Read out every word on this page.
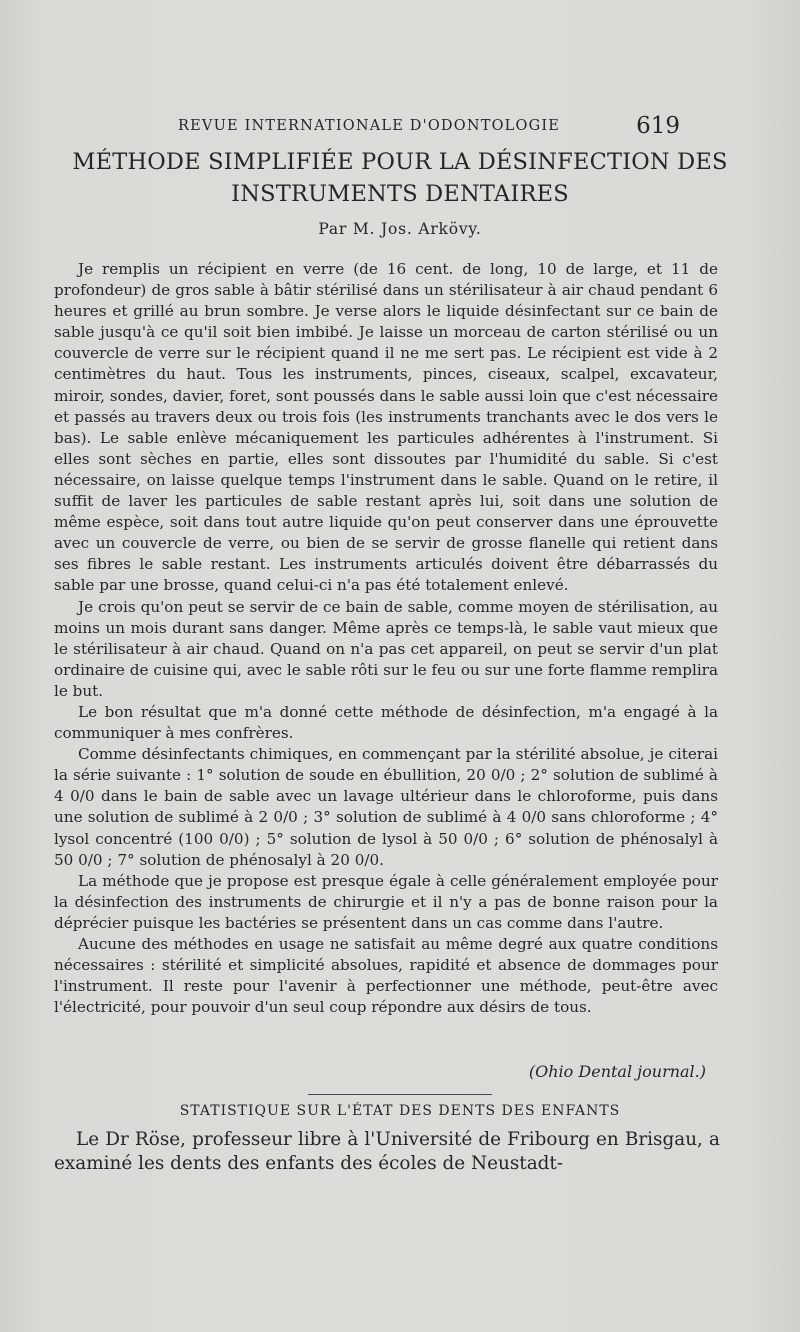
REVUE INTERNATIONALE D'ODONTOLOGIE	619
MÉTHODE SIMPLIFIÉE POUR LA DÉSINFECTION DES INSTRUMENTS DENTAIRES

Par M. Jos. Arkövy.

Je remplis un récipient en verre (de 16 cent. de long, 10 de large, et 11 de profondeur) de gros sable à bâtir stérilisé dans un stérilisateur à air chaud pendant 6 heures et grillé au brun sombre. Je verse alors le liquide désinfectant sur ce bain de sable jusqu'à ce qu'il soit bien imbibé. Je laisse un morceau de carton stérilisé ou un couvercle de verre sur le récipient quand il ne me sert pas. Le récipient est vide à 2 centimètres du haut. Tous les instruments, pinces, ciseaux, scalpel, excavateur, miroir, sondes, davier, foret, sont poussés dans le sable aussi loin que c'est nécessaire et passés au travers deux ou trois fois (les instruments tranchants avec le dos vers le bas). Le sable enlève mécaniquement les particules adhérentes à l'instrument. Si elles sont sèches en partie, elles sont dissoutes par l'humidité du sable. Si c'est nécessaire, on laisse quelque temps l'instrument dans le sable. Quand on le retire, il suffit de laver les particules de sable restant après lui, soit dans une solution de même espèce, soit dans tout autre liquide qu'on peut conserver dans une éprouvette avec un couvercle de verre, ou bien de se servir de grosse flanelle qui retient dans ses fibres le sable restant. Les instruments articulés doivent être débarrassés du sable par une brosse, quand celui-ci n'a pas été totalement enlevé.

Je crois qu'on peut se servir de ce bain de sable, comme moyen de stérilisation, au moins un mois durant sans danger. Même après ce temps-là, le sable vaut mieux que le stérilisateur à air chaud. Quand on n'a pas cet appareil, on peut se servir d'un plat ordinaire de cuisine qui, avec le sable rôti sur le feu ou sur une forte flamme remplira le but.

Le bon résultat que m'a donné cette méthode de désinfection, m'a engagé à la communiquer à mes confrères.

Comme désinfectants chimiques, en commençant par la stérilité absolue, je citerai la série suivante : 1° solution de soude en ébullition, 20 0/0 ; 2° solution de sublimé à 4 0/0 dans le bain de sable avec un lavage ultérieur dans le chloroforme, puis dans une solution de sublimé à 2 0/0 ; 3° solution de sublimé à 4 0/0 sans chloroforme ; 4° lysol concentré (100 0/0) ; 5° solution de lysol à 50 0/0 ; 6° solution de phénosalyl à 50 0/0 ; 7° solution de phénosalyl à 20 0/0.

La méthode que je propose est presque égale à celle généralement employée pour la désinfection des instruments de chirurgie et il n'y a pas de bonne raison pour la déprécier puisque les bactéries se présentent dans un cas comme dans l'autre.

Aucune des méthodes en usage ne satisfait au même degré aux quatre conditions nécessaires : stérilité et simplicité absolues, rapidité et absence de dommages pour l'instrument. Il reste pour l'avenir à perfectionner une méthode, peut-être avec l'électricité, pour pouvoir d'un seul coup répondre aux désirs de tous.

(Ohio Dental journal.)
STATISTIQUE SUR L'ÉTAT DES DENTS DES ENFANTS

Le Dr Röse, professeur libre à l'Université de Fribourg en Brisgau, a examiné les dents des enfants des écoles de Neustadt-
